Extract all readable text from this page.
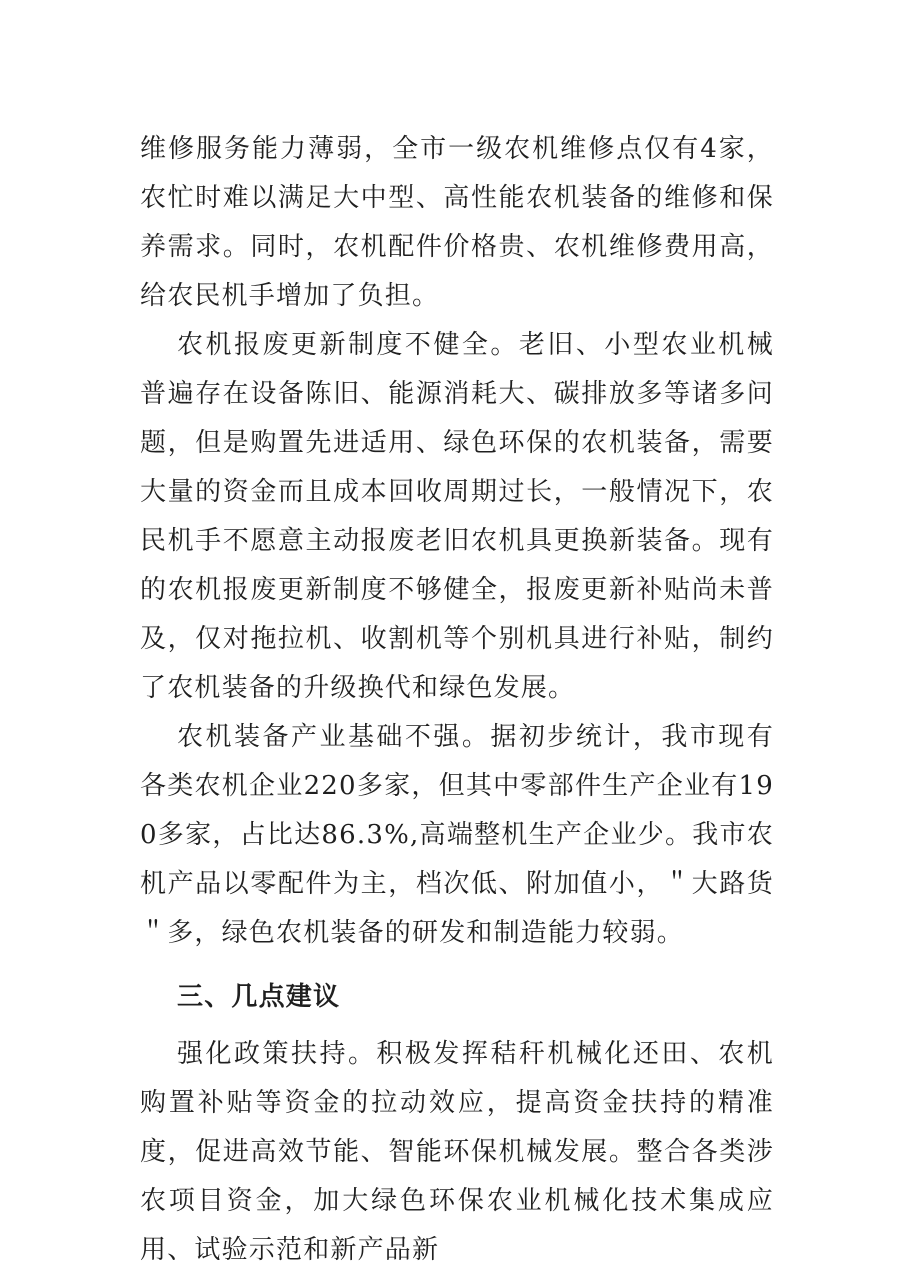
维修服务能力薄弱，全市一级农机维修点仅有4家，农忙时难以满足大中型、高性能农机装备的维修和保养需求。同时，农机配件价格贵、农机维修费用高，给农民机手增加了负担。

农机报废更新制度不健全。老旧、小型农业机械普遍存在设备陈旧、能源消耗大、碳排放多等诸多问题，但是购置先进适用、绿色环保的农机装备，需要大量的资金而且成本回收周期过长，一般情况下，农民机手不愿意主动报废老旧农机具更换新装备。现有的农机报废更新制度不够健全，报废更新补贴尚未普及，仅对拖拉机、收割机等个别机具进行补贴，制约了农机装备的升级换代和绿色发展。

农机装备产业基础不强。据初步统计，我市现有各类农机企业220多家，但其中零部件生产企业有190多家，占比达86.3%,高端整机生产企业少。我市农机产品以零配件为主，档次低、附加值小，＂大路货＂多，绿色农机装备的研发和制造能力较弱。

三、几点建议

强化政策扶持。积极发挥秸秆机械化还田、农机购置补贴等资金的拉动效应，提高资金扶持的精准度，促进高效节能、智能环保机械发展。整合各类涉农项目资金，加大绿色环保农业机械化技术集成应用、试验示范和新产品新
